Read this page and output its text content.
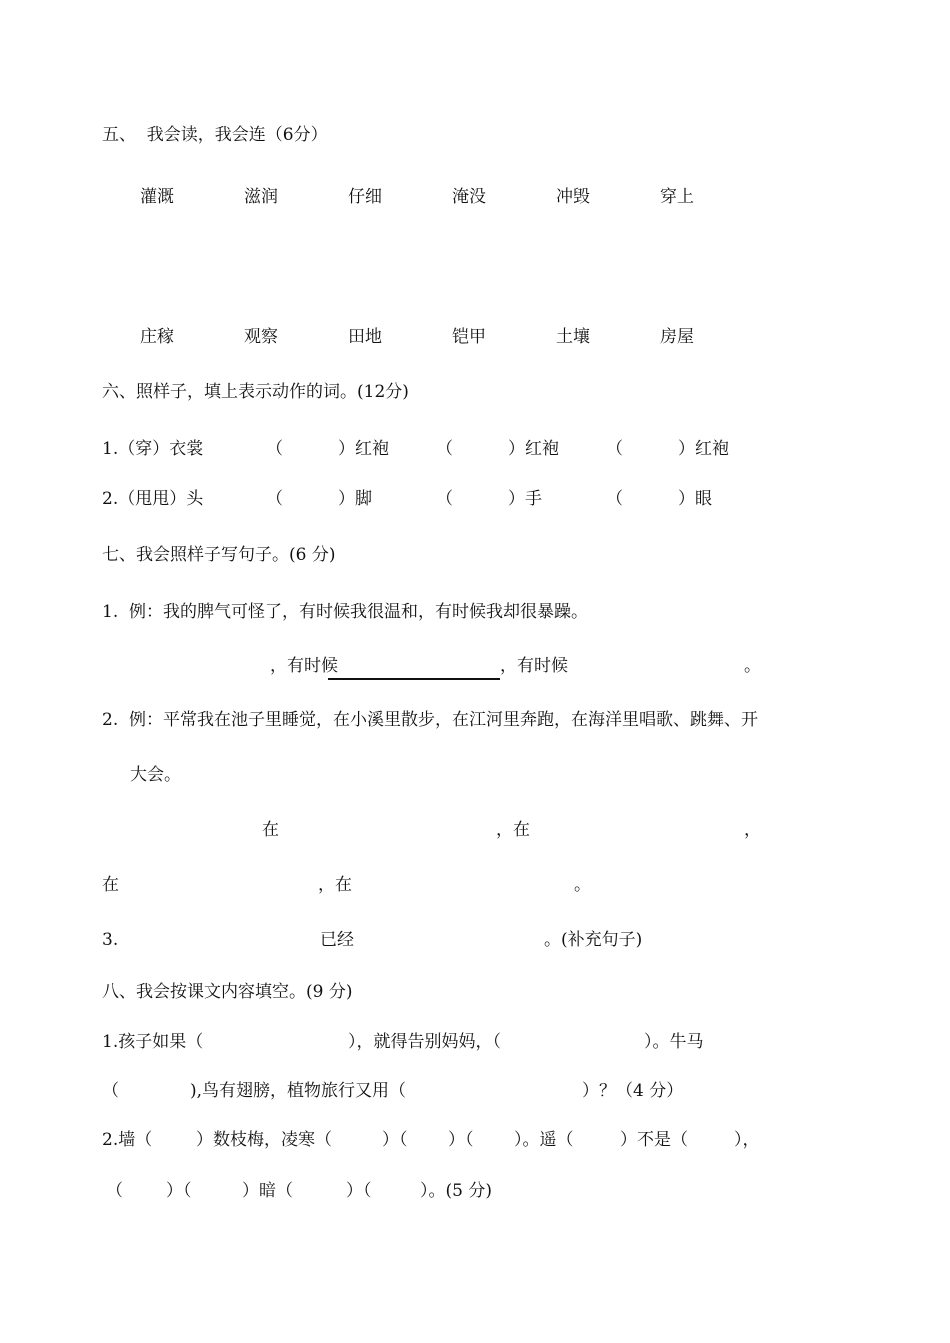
五、  我会读，我会连（6分）
灌溉	滋润	仔细	淹没	冲毁	穿上
庄稼	观察	田地	铠甲	土壤	房屋
六、照样子，填上表示动作的词。(12分)
1.（穿）衣裳	（	）红袍	（	）红袍	（	）红袍
2.（甩甩）头	（	）脚	（	）手	（	）眼
七、我会照样子写句子。(6 分)
1.  例：我的脾气可怪了，有时候我很温和，有时候我却很暴躁。
，有时候	，有时候	。
2.  例：平常我在池子里睡觉，在小溪里散步，在江河里奔跑，在海洋里唱歌、跳舞、开
大会。
在	，在	，
在	，在	。
3.	已经	。(补充句子)
八、我会按课文内容填空。(9 分)
1.孩子如果（	），就得告别妈妈，（	）。牛马
（	),鸟有翅膀，植物旅行又用（	）？（4 分）
2.墙（	）数枝梅，凌寒（	）（ ）（ ）。遥（	）不是（	），
（	）（	）暗（	）（	）。(5 分)
